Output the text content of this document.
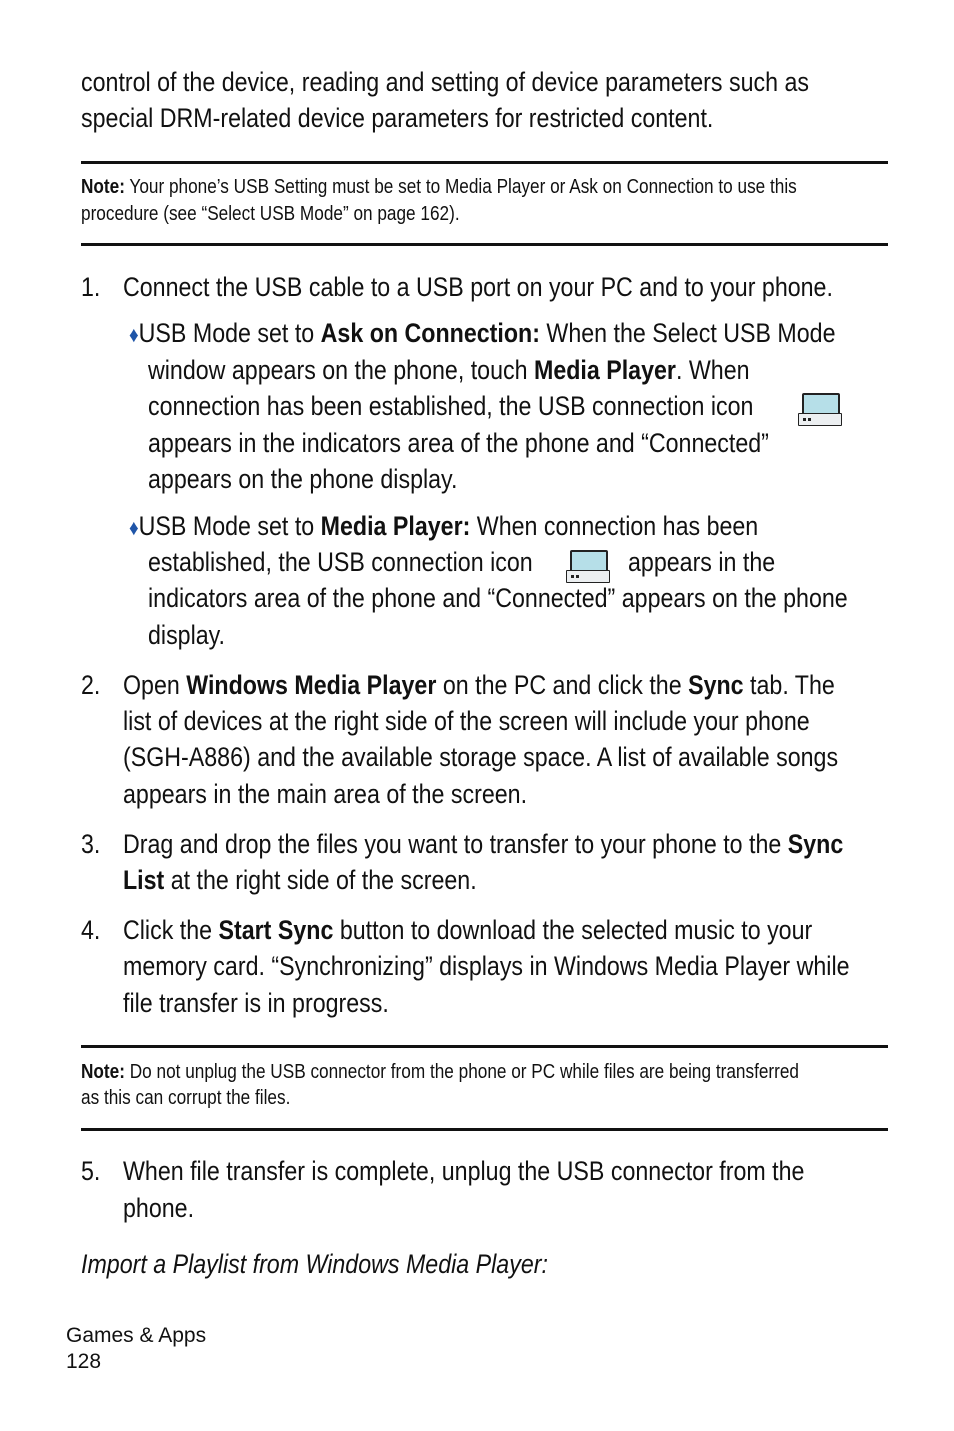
control of the device, reading and setting of device parameters such as
special DRM-related device parameters for restricted content.
Note: Your phone’s USB Setting must be set to Media Player or Ask on Connection to use this
procedure (see “Select USB Mode” on page 162).
1. Connect the USB cable to a USB port on your PC and to your phone.
♦USB Mode set to Ask on Connection: When the Select USB Mode
window appears on the phone, touch Media Player. When
connection has been established, the USB connection icon
appears in the indicators area of the phone and “Connected”
appears on the phone display.
♦USB Mode set to Media Player: When connection has been
established, the USB connection icon	appears in the
indicators area of the phone and “Connected” appears on the phone
display.
2. Open Windows Media Player on the PC and click the Sync tab. The
list of devices at the right side of the screen will include your phone
(SGH-A886) and the available storage space. A list of available songs
appears in the main area of the screen.
3. Drag and drop the files you want to transfer to your phone to the Sync
List at the right side of the screen.
4. Click the Start Sync button to download the selected music to your
memory card. “Synchronizing” displays in Windows Media Player while
file transfer is in progress.
Note: Do not unplug the USB connector from the phone or PC while files are being transferred
as this can corrupt the files.
5. When file transfer is complete, unplug the USB connector from the
phone.
Import a Playlist from Windows Media Player:
Games & Apps
128
